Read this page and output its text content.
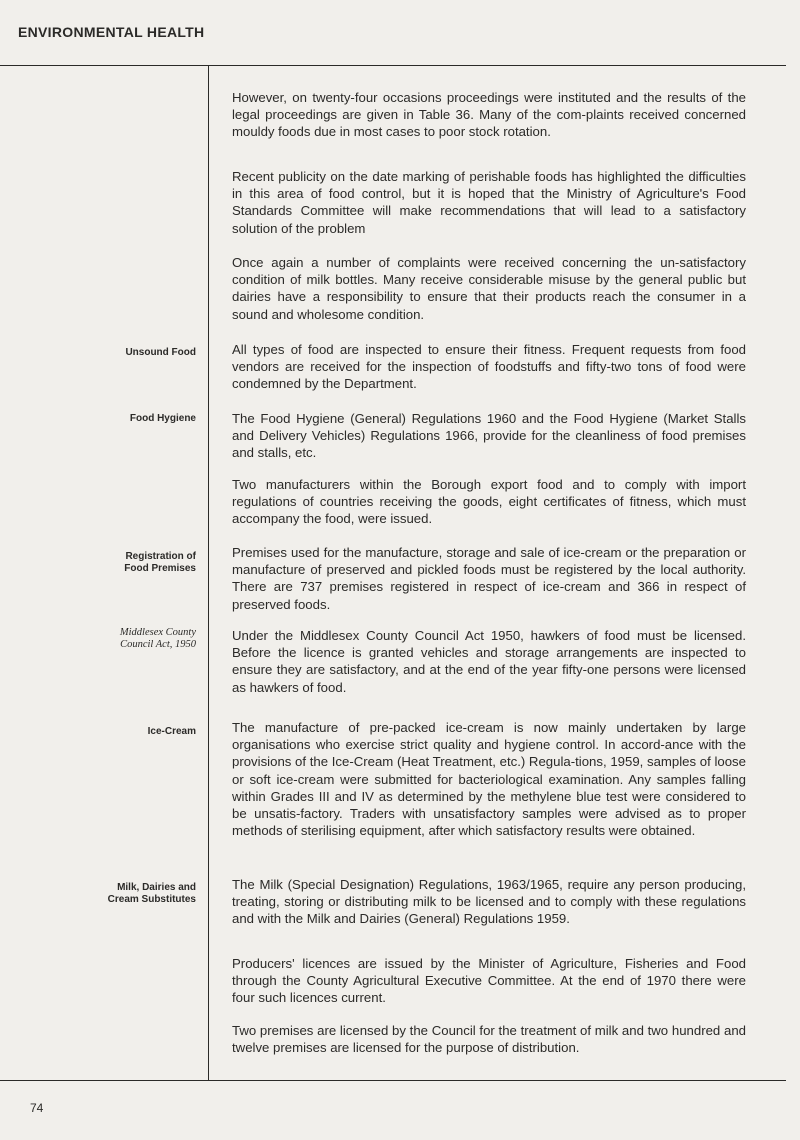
ENVIRONMENTAL HEALTH
Unsound Food
Food Hygiene
Registration of
Food Premises
Middlesex County
Council Act, 1950
Ice-Cream
Milk, Dairies and
Cream Substitutes

However, on twenty-four occasions proceedings were instituted and the results of the legal proceedings are given in Table 36. Many of the com-plaints received concerned mouldy foods due in most cases to poor stock rotation.

Recent publicity on the date marking of perishable foods has highlighted the difficulties in this area of food control, but it is hoped that the Ministry of Agriculture's Food Standards Committee will make recommendations that will lead to a satisfactory solution of the problem

Once again a number of complaints were received concerning the un-satisfactory condition of milk bottles. Many receive considerable misuse by the general public but dairies have a responsibility to ensure that their products reach the consumer in a sound and wholesome condition.

All types of food are inspected to ensure their fitness. Frequent requests from food vendors are received for the inspection of foodstuffs and fifty-two tons of food were condemned by the Department.

The Food Hygiene (General) Regulations 1960 and the Food Hygiene (Market Stalls and Delivery Vehicles) Regulations 1966, provide for the cleanliness of food premises and stalls, etc.

Two manufacturers within the Borough export food and to comply with import regulations of countries receiving the goods, eight certificates of fitness, which must accompany the food, were issued.

Premises used for the manufacture, storage and sale of ice-cream or the preparation or manufacture of preserved and pickled foods must be registered by the local authority. There are 737 premises registered in respect of ice-cream and 366 in respect of preserved foods.

Under the Middlesex County Council Act 1950, hawkers of food must be licensed. Before the licence is granted vehicles and storage arrangements are inspected to ensure they are satisfactory, and at the end of the year fifty-one persons were licensed as hawkers of food.

The manufacture of pre-packed ice-cream is now mainly undertaken by large organisations who exercise strict quality and hygiene control. In accord-ance with the provisions of the Ice-Cream (Heat Treatment, etc.) Regula-tions, 1959, samples of loose or soft ice-cream were submitted for bacteriological examination. Any samples falling within Grades III and IV as determined by the methylene blue test were considered to be unsatis-factory. Traders with unsatisfactory samples were advised as to proper methods of sterilising equipment, after which satisfactory results were obtained.

The Milk (Special Designation) Regulations, 1963/1965, require any person producing, treating, storing or distributing milk to be licensed and to comply with these regulations and with the Milk and Dairies (General) Regulations 1959.

Producers' licences are issued by the Minister of Agriculture, Fisheries and Food through the County Agricultural Executive Committee. At the end of 1970 there were four such licences current.

Two premises are licensed by the Council for the treatment of milk and two hundred and twelve premises are licensed for the purpose of distribution.

74
